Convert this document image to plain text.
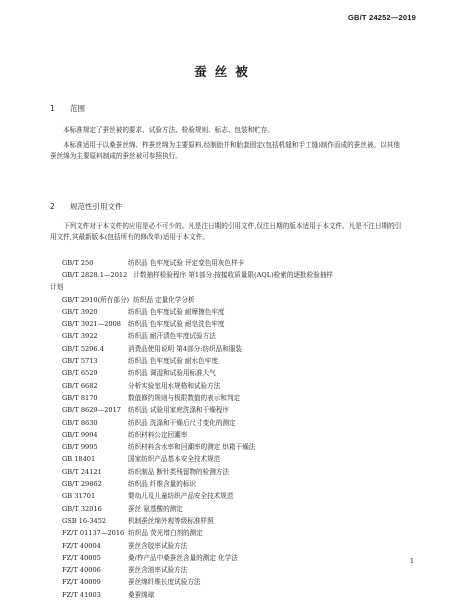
GB/T 24252—2019
蚕丝被
1 范围
本标准规定了蚕丝被的要求、试验方法、检验规则、标志、包装和贮存。
本标准适用于以桑蚕丝绵、柞蚕丝绵为主要原料,经制胎并和胎套固定(包括机缝和手工缝)制作而成的蚕丝被。以其他蚕丝绵为主要原料制成的蚕丝被可参照执行。
2 规范性引用文件
下列文件对于本文件的应用是必不可少的。凡是注日期的引用文件,仅注日期的版本适用于本文件。凡是不注日期的引用文件,其最新版本(包括所有的修改单)适用于本文件。
GB/T 250	纺织品 色牢度试验 评定变色用灰色样卡
GB/T 2828.1—2012 计数抽样检验程序 第1部分:按接收质量限(AQL)检索的逐批检验抽样
计划
GB/T 2910(所有部分) 纺织品 定量化学分析
GB/T 3920	纺织品 色牢度试验 耐摩擦色牢度
GB/T 3921—2008 纺织品 色牢度试验 耐皂洗色牢度
GB/T 3922	纺织品 耐汗渍色牢度试验方法
GB/T 5296.4	消费品使用说明 第4部分:纺织品和服装
GB/T 5713	纺织品 色牢度试验 耐水色牢度
GB/T 6529	纺织品 调湿和试验用标准大气
GB/T 6682	分析实验室用水规格和试验方法
GB/T 8170	数值修约规则与极限数值的表示和判定
GB/T 8629—2017 纺织品 试验用家庭洗涤和干燥程序
GB/T 8630	纺织品 洗涤和干燥后尺寸变化的测定
GB/T 9994	纺织材料公定回潮率
GB/T 9995	纺织材料含水率和回潮率的测定 烘箱干燥法
GB 18401	国家纺织产品基本安全技术规范
GB/T 24121	纺织制品 断针类残留物的检测方法
GB/T 29862	纺织品 纤维含量的标识
GB 31701	婴幼儿及儿童纺织产品安全技术规范
GB/T 32016	蚕丝 氨基酸的测定
GSB 16-3452	机制蚕丝绵外观等级标准样照
FZ/T 01137—2016 纺织品 荧光增白剂的测定
FZ/T 40004	蚕丝含胶率试验方法
FZ/T 40005	桑/柞产品中桑蚕丝含量的测定 化学法
FZ/T 40006	蚕丝含油率试验方法
FZ/T 40009	蚕丝绵纤维长度试验方法
FZ/T 41003	桑蚕绵球
1
